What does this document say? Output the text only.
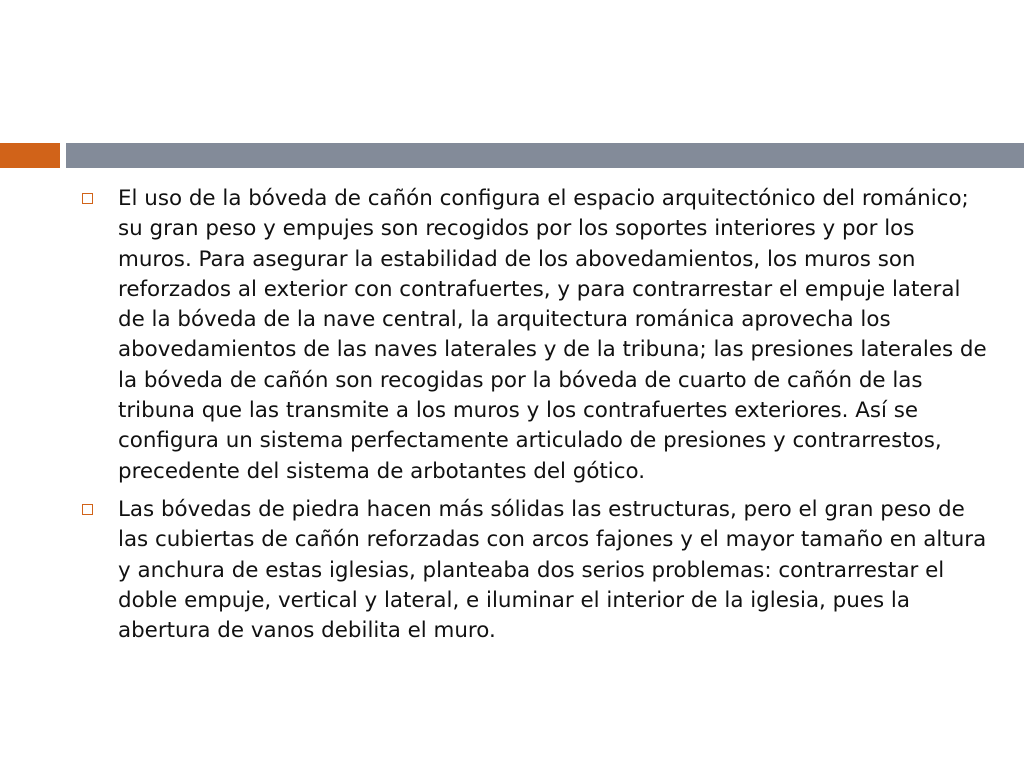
El uso de la bóveda de cañón configura el espacio arquitectónico del románico; su gran peso y empujes son recogidos por los soportes interiores y por los muros. Para asegurar la estabilidad de los abovedamientos, los muros son reforzados al exterior con contrafuertes, y para contrarrestar el empuje lateral de la bóveda de la nave central, la arquitectura románica aprovecha los abovedamientos de las naves laterales y de la tribuna; las presiones laterales de la bóveda de cañón son recogidas por la bóveda de cuarto de cañón de las tribuna que las transmite a los muros y los contrafuertes exteriores. Así se configura un sistema perfectamente articulado de presiones y contrarrestos, precedente del sistema de arbotantes del gótico.
Las bóvedas de piedra hacen más sólidas las estructuras, pero el gran peso de las cubiertas de cañón reforzadas con arcos fajones y el mayor tamaño en altura y anchura de estas iglesias, planteaba dos serios problemas: contrarrestar el doble empuje, vertical y lateral, e iluminar el interior de la iglesia, pues la abertura de vanos debilita el muro.
